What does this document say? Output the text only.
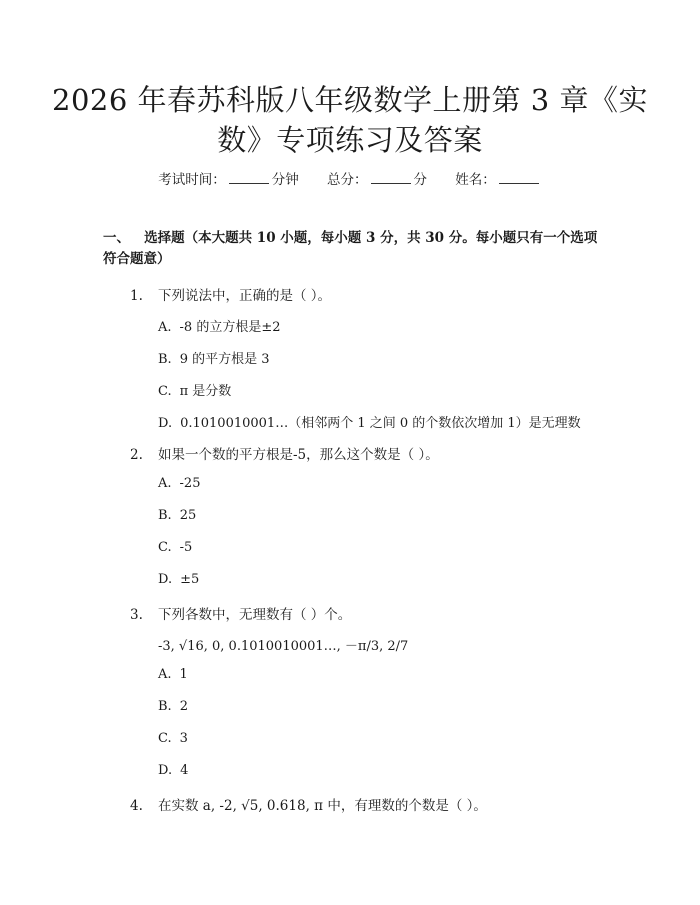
2026 年春苏科版八年级数学上册第 3 章《实
数》专项练习及答案
考试时间：	分钟 总分：	分 姓名：
一、 选择题（本大题共 10 小题，每小题 3 分，共 30 分。每小题只有一个选项符合题意）
1. 下列说法中，正确的是（ ）。
A. -8 的立方根是±2
B. 9 的平方根是 3
C. π 是分数
D. 0.1010010001…（相邻两个 1 之间 0 的个数依次增加 1）是无理数
2. 如果一个数的平方根是-5，那么这个数是（ ）。
A. -25
B. 25
C. -5
D. ±5
3. 下列各数中，无理数有（ ）个。
-3, √16, 0, 0.1010010001…, －π/3, 2/7
A. 1
B. 2
C. 3
D. 4
4. 在实数 a, -2, √5, 0.618, π 中，有理数的个数是（ ）。
